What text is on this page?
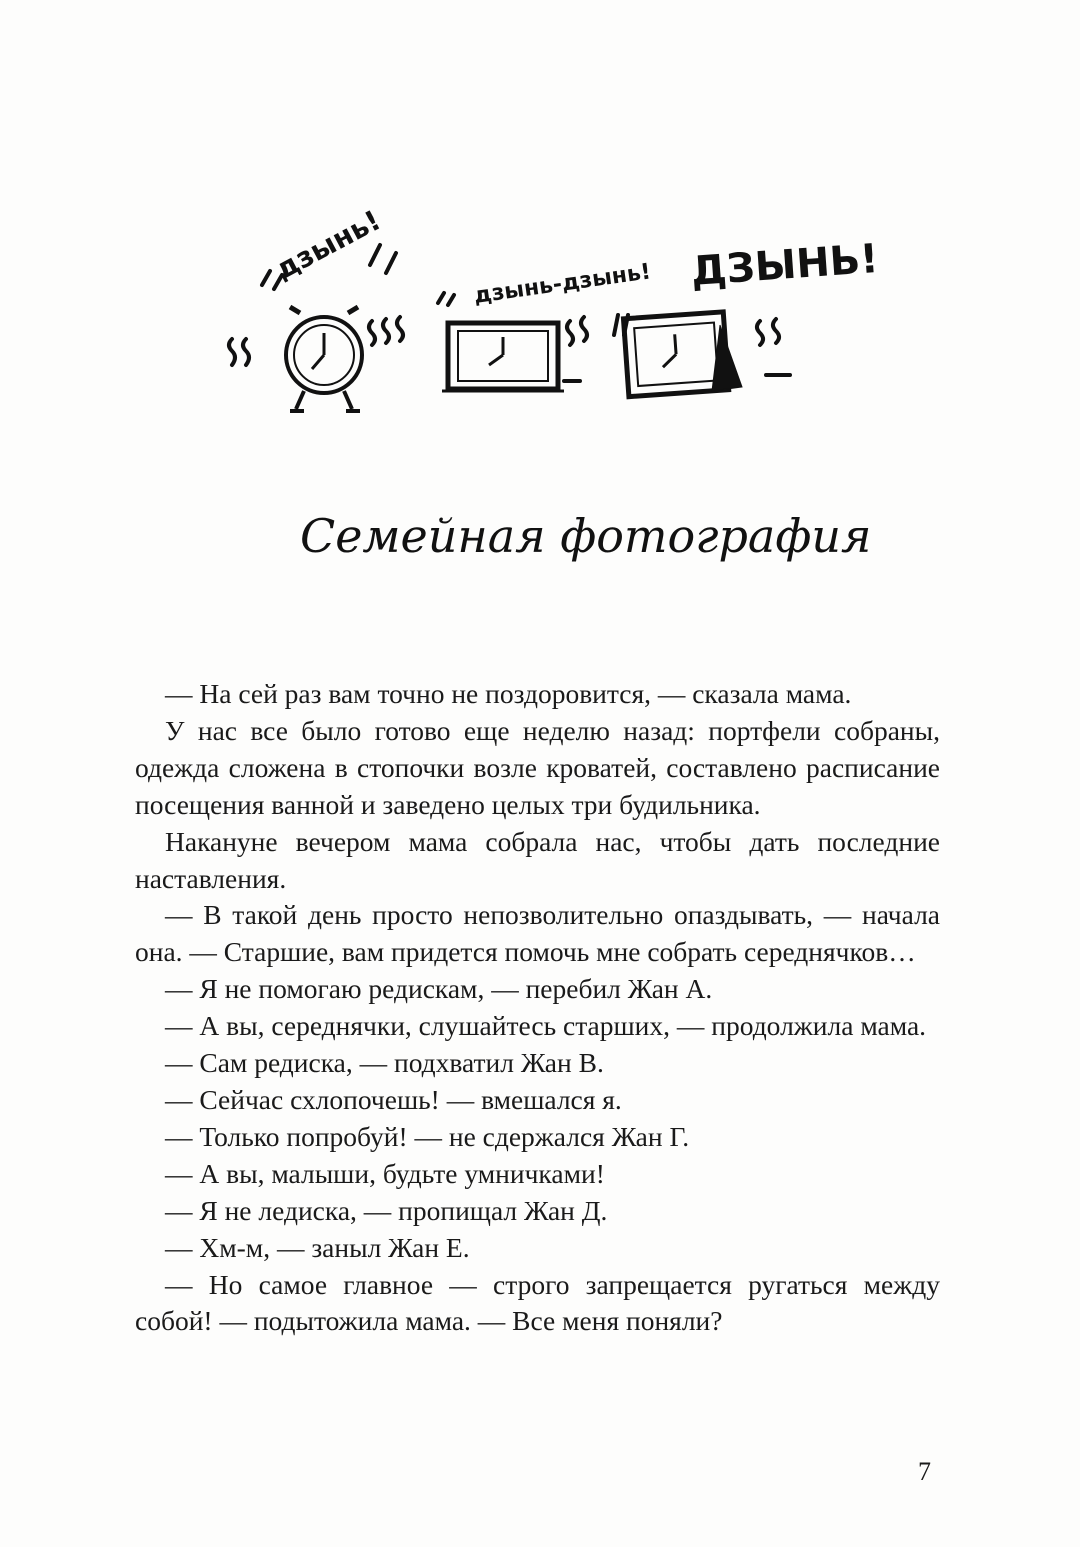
дзынь!	дзынь-дзынь! ДЗЫНЬ!
Семейная фотография

— На сей раз вам точно не поздоровится, — сказала мама.

У нас все было готово еще неделю назад: портфели собраны, одежда сложена в стопочки возле кроватей, составлено расписание посещения ванной и заведено целых три будильника.

Накануне вечером мама собрала нас, чтобы дать последние наставления.

— В такой день просто непозволительно опаздывать, — начала она. — Старшие, вам придется помочь мне собрать середнячков…

— Я не помогаю редискам, — перебил Жан А.

— А вы, середнячки, слушайтесь старших, — продолжила мама.

— Сам редиска, — подхватил Жан В.

— Сейчас схлопочешь! — вмешался я.

— Только попробуй! — не сдержался Жан Г.

— А вы, малыши, будьте умничками!

— Я не ледиска, — пропищал Жан Д.

— Хм-м, — заныл Жан Е.

— Но самое главное — строго запрещается ругаться между собой! — подытожила мама. — Все меня поняли?

7
